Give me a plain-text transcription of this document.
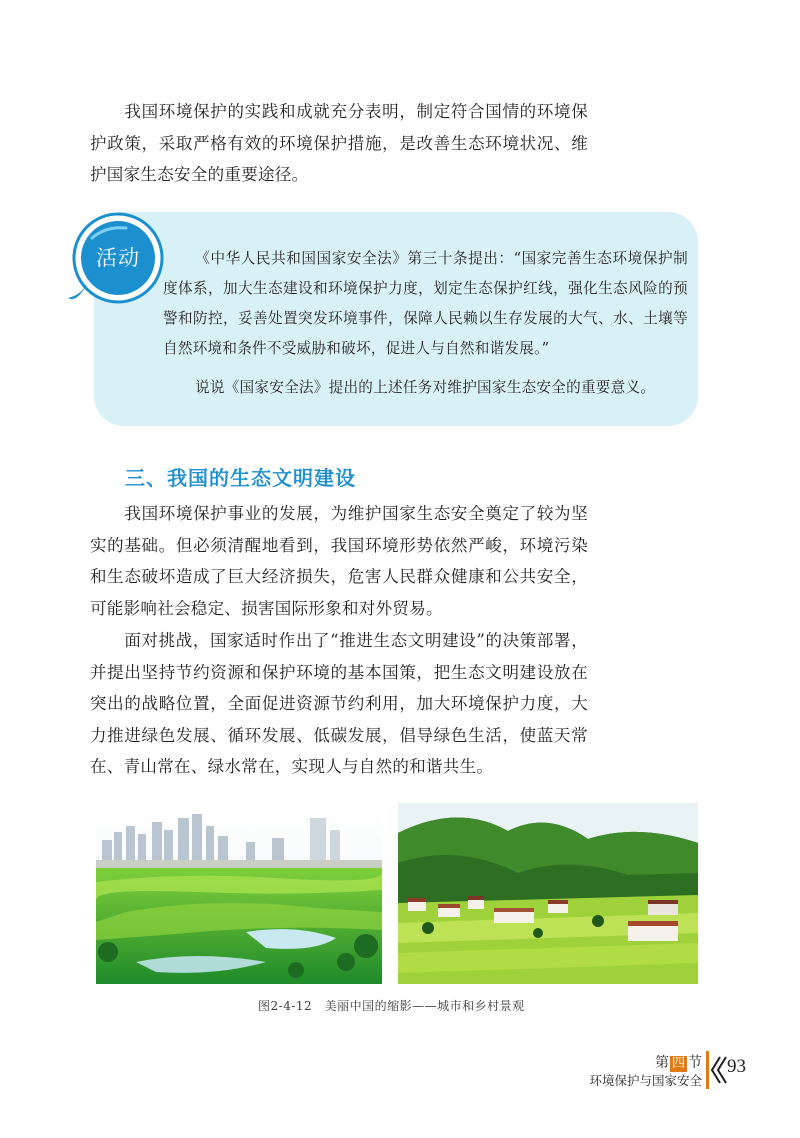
我国环境保护的实践和成就充分表明，制定符合国情的环境保护政策，采取严格有效的环境保护措施，是改善生态环境状况、维护国家生态安全的重要途径。

活动	《中华人民共和国国家安全法》第三十条提出：“国家完善生态环境保护制度体系，加大生态建设和环境保护力度，划定生态保护红线，强化生态风险的预警和防控，妥善处置突发环境事件，保障人民赖以生存发展的大气、水、土壤等自然环境和条件不受威胁和破坏，促进人与自然和谐发展。”

说说《国家安全法》提出的上述任务对维护国家生态安全的重要意义。

三、我国的生态文明建设

我国环境保护事业的发展，为维护国家生态安全奠定了较为坚实的基础。但必须清醒地看到，我国环境形势依然严峻，环境污染和生态破坏造成了巨大经济损失，危害人民群众健康和公共安全，可能影响社会稳定、损害国际形象和对外贸易。

面对挑战，国家适时作出了“推进生态文明建设”的决策部署，并提出坚持节约资源和保护环境的基本国策，把生态文明建设放在突出的战略位置，全面促进资源节约利用，加大环境保护力度，大力推进绿色发展、循环发展、低碳发展，倡导绿色生活，使蓝天常在、青山常在、绿水常在，实现人与自然的和谐共生。

图2-4-12　美丽中国的缩影——城市和乡村景观

第 四 节
环境保护与国家安全
93
